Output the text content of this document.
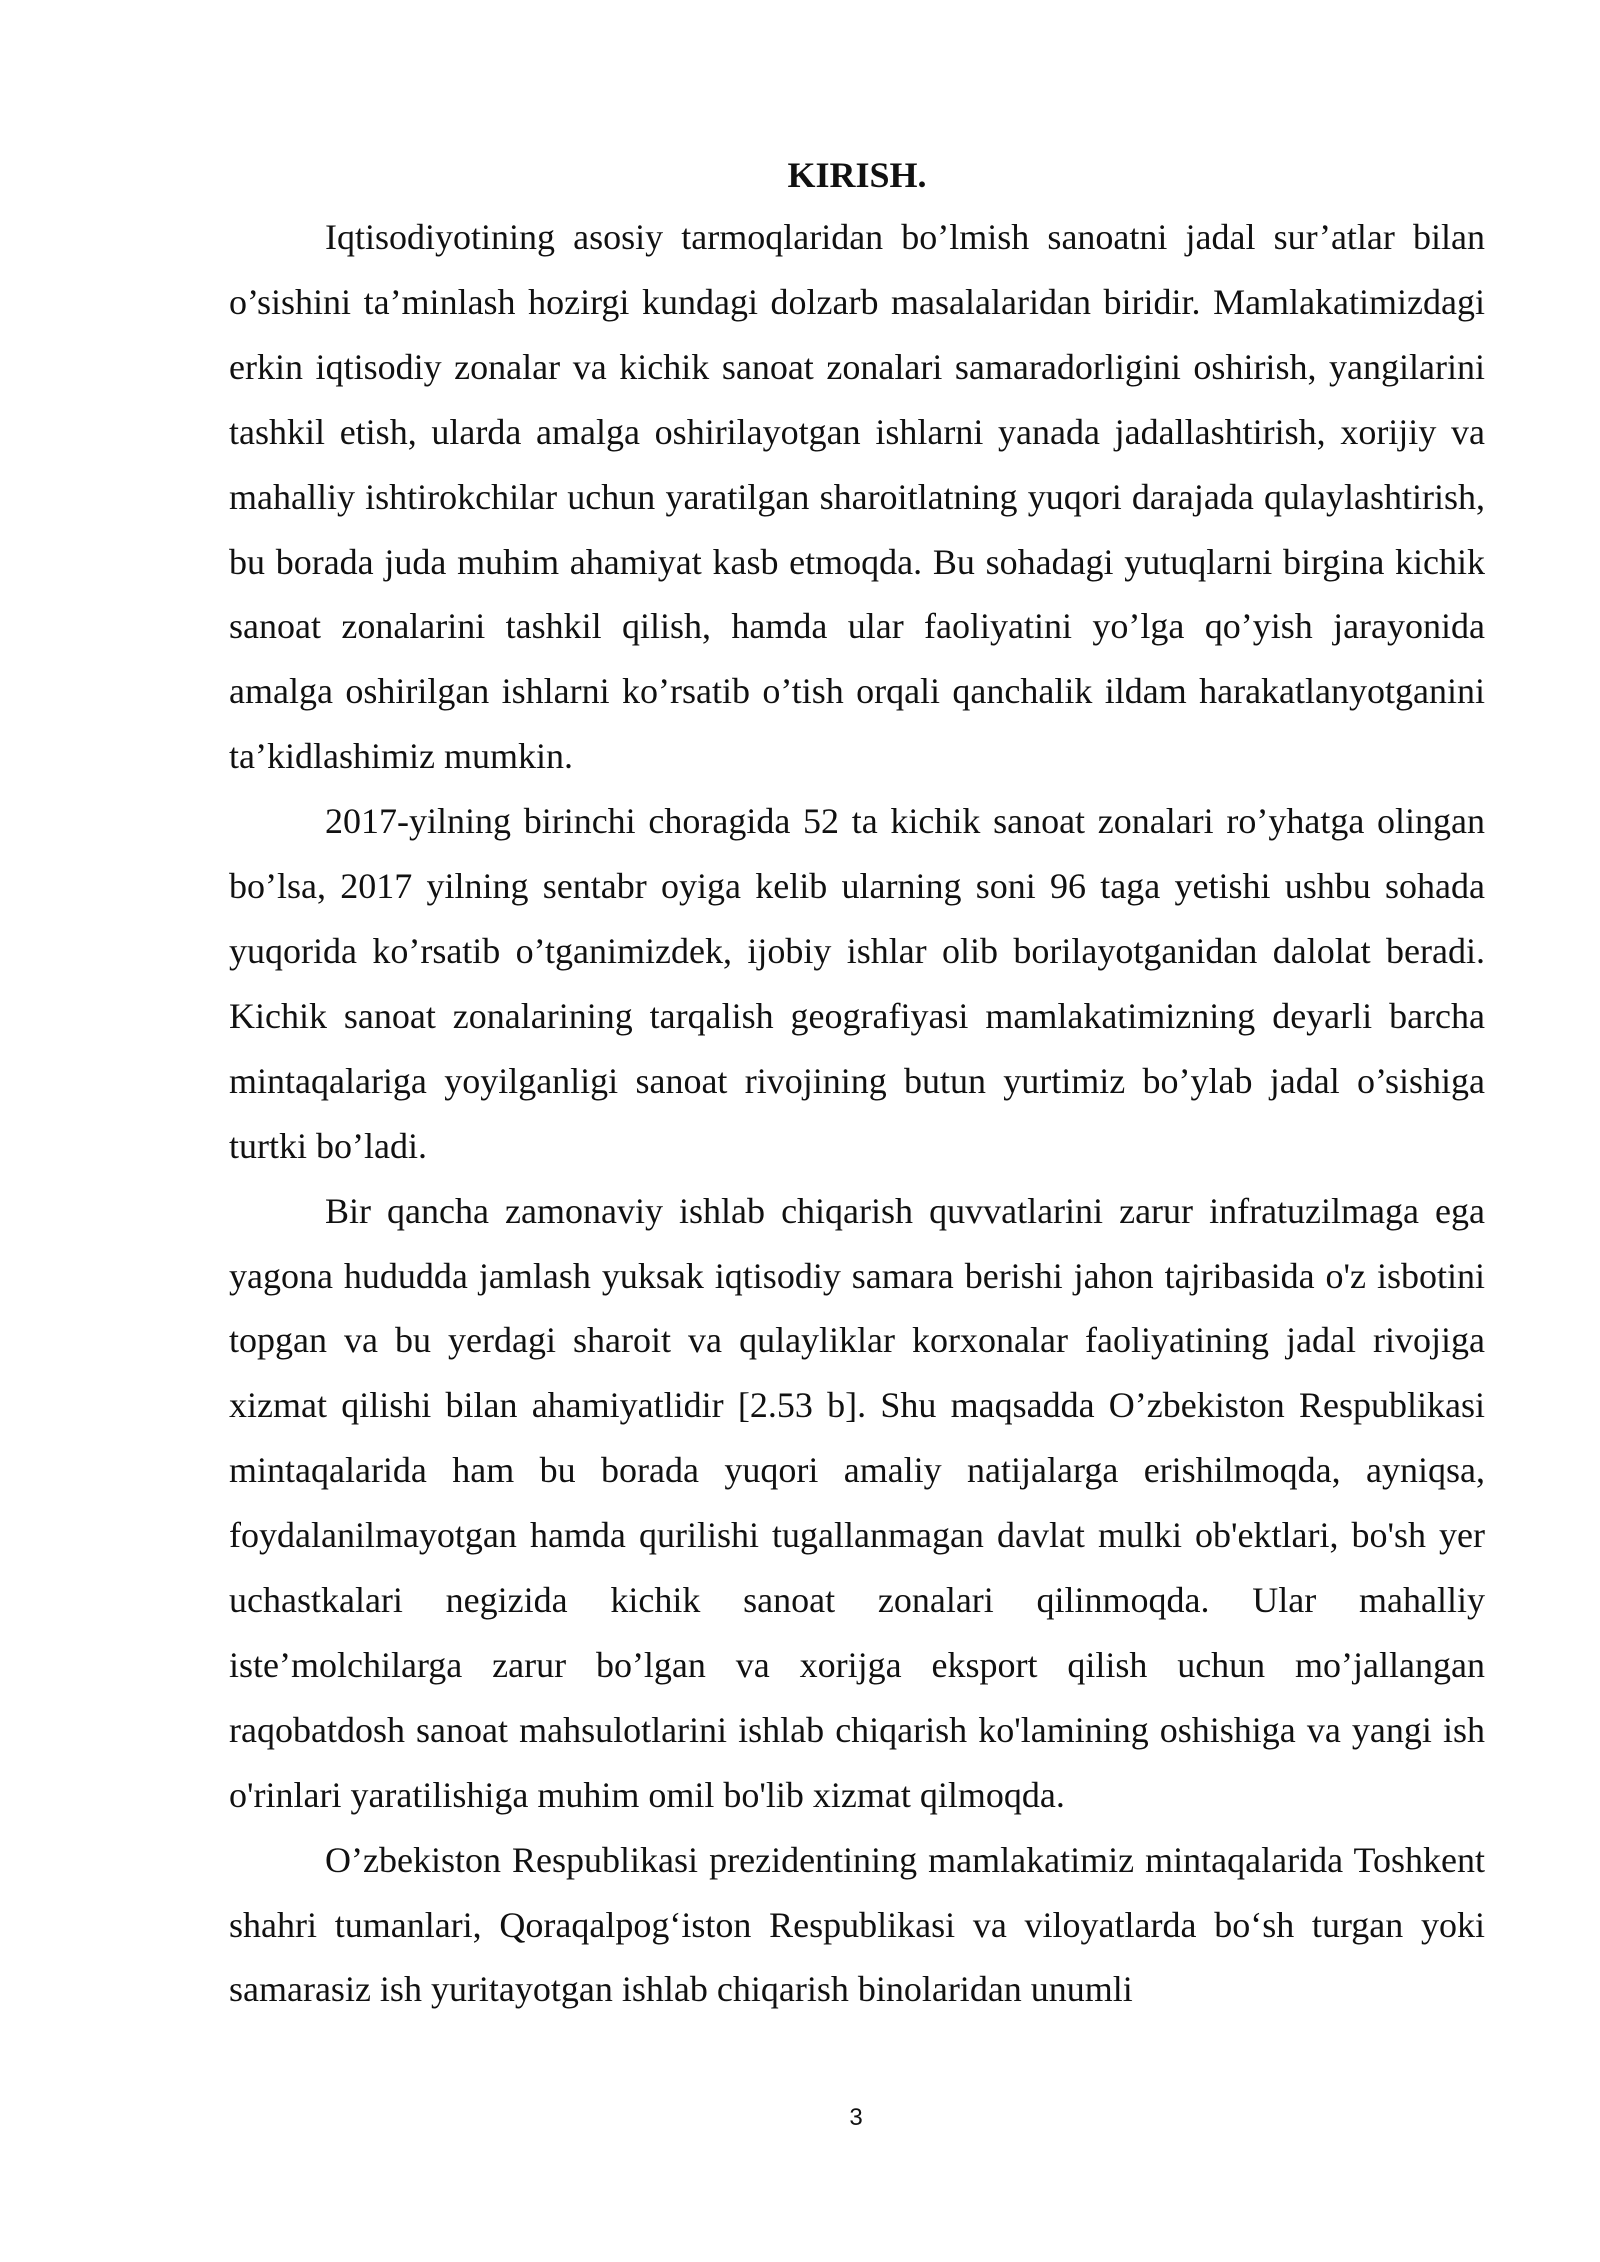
KIRISH.

Iqtisodiyotining asosiy tarmoqlaridan bo’lmish sanoatni jadal sur’atlar bilan o’sishini ta’minlash hozirgi kundagi dolzarb masalalaridan biridir. Mamlakatimizdagi erkin iqtisodiy zonalar va kichik sanoat zonalari samaradorligini oshirish, yangilarini tashkil etish, ularda amalga oshirilayotgan ishlarni yanada jadallashtirish, xorijiy va mahalliy ishtirokchilar uchun yaratilgan sharoitlatning yuqori darajada qulaylashtirish, bu borada juda muhim ahamiyat kasb etmoqda. Bu sohadagi yutuqlarni birgina kichik sanoat zonalarini tashkil qilish, hamda ular faoliyatini yo’lga qo’yish jarayonida amalga oshirilgan ishlarni ko’rsatib o’tish orqali qanchalik ildam harakatlanyotganini ta’kidlashimiz mumkin.

2017-yilning birinchi choragida 52 ta kichik sanoat zonalari ro’yhatga olingan bo’lsa, 2017 yilning sentabr oyiga kelib ularning soni 96 taga yetishi ushbu sohada yuqorida ko’rsatib o’tganimizdek, ijobiy ishlar olib borilayotganidan dalolat beradi. Kichik sanoat zonalarining tarqalish geografiyasi mamlakatimizning deyarli barcha mintaqalariga yoyilganligi sanoat rivojining butun yurtimiz bo’ylab jadal o’sishiga turtki bo’ladi.

Bir qancha zamonaviy ishlab chiqarish quvvatlarini zarur infratuzilmaga ega yagona hududda jamlash yuksak iqtisodiy samara berishi jahon tajribasida o'z isbotini topgan va bu yerdagi sharoit va qulayliklar korxonalar faoliyatining jadal rivojiga xizmat qilishi bilan ahamiyatlidir [2.53 b]. Shu maqsadda O’zbekiston Respublikasi mintaqalarida ham bu borada yuqori amaliy natijalarga erishilmoqda, ayniqsa, foydalanilmayotgan hamda qurilishi tugallanmagan davlat mulki ob'ektlari, bo'sh yer uchastkalari negizida kichik sanoat zonalari qilinmoqda. Ular mahalliy iste’molchilarga zarur bo’lgan va xorijga eksport qilish uchun mo’jallangan raqobatdosh sanoat mahsulotlarini ishlab chiqarish ko'lamining oshishiga va yangi ish o'rinlari yaratilishiga muhim omil bo'lib xizmat qilmoqda.

O’zbekiston Respublikasi prezidentining mamlakatimiz mintaqalarida Toshkent shahri tumanlari, Qoraqalpog‘iston Respublikasi va viloyatlarda bo‘sh turgan yoki samarasiz ish yuritayotgan ishlab chiqarish binolaridan unumli

3
